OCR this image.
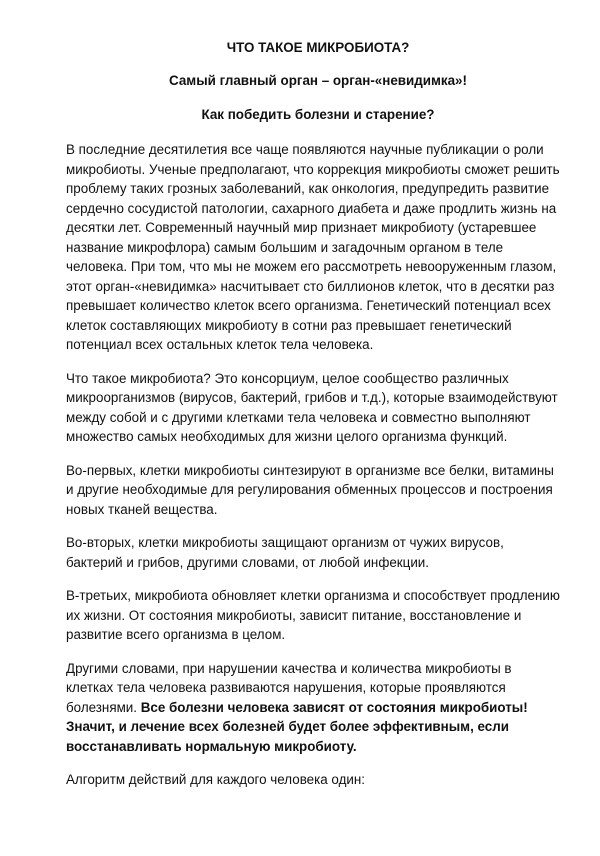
ЧТО ТАКОЕ МИКРОБИОТА?
Самый главный орган – орган-«невидимка»!
Как победить болезни и старение?

В последние десятилетия все чаще появляются научные публикации о роли микробиоты. Ученые предполагают, что коррекция микробиоты сможет решить проблему таких грозных заболеваний, как онкология, предупредить развитие сердечно сосудистой патологии, сахарного диабета и даже продлить жизнь на десятки лет. Современный научный мир признает микробиоту (устаревшее название микрофлора) самым большим и загадочным органом в теле человека. При том, что мы не можем его рассмотреть невооруженным глазом, этот орган-«невидимка» насчитывает сто биллионов клеток, что в десятки раз превышает количество клеток всего организма. Генетический потенциал всех клеток составляющих микробиоту в сотни раз превышает генетический потенциал всех остальных клеток тела человека.

Что такое микробиота? Это консорциум, целое сообщество различных микроорганизмов (вирусов, бактерий, грибов и т.д.), которые взаимодействуют между собой и с другими клетками тела человека и совместно выполняют множество самых необходимых для жизни целого организма функций.

Во-первых, клетки микробиоты синтезируют в организме все белки, витамины и другие необходимые для регулирования обменных процессов и построения новых тканей вещества.

Во-вторых, клетки микробиоты защищают организм от чужих вирусов, бактерий и грибов, другими словами, от любой инфекции.

В-третьих, микробиота обновляет клетки организма и способствует продлению их жизни. От состояния микробиоты, зависит питание, восстановление и развитие всего организма в целом.

Другими словами, при нарушении качества и количества микробиоты в клетках тела человека развиваются нарушения, которые проявляются болезнями. Все болезни человека зависят от состояния микробиоты! Значит, и лечение всех болезней будет более эффективным, если восстанавливать нормальную микробиоту.

Алгоритм действий для каждого человека один:
